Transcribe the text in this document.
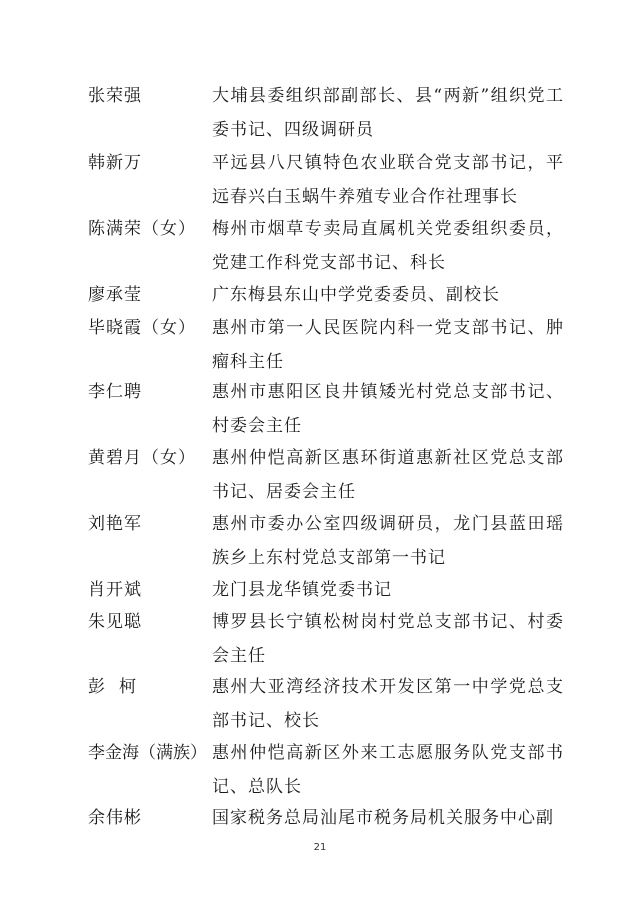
张荣强	大埔县委组织部副部长、县“两新”组织党工委书记、四级调研员
韩新万	平远县八尺镇特色农业联合党支部书记，平远春兴白玉蜗牛养殖专业合作社理事长
陈满荣（女） 梅州市烟草专卖局直属机关党委组织委员，党建工作科党支部书记、科长
廖承莹	广东梅县东山中学党委委员、副校长
毕晓霞（女） 惠州市第一人民医院内科一党支部书记、肿瘤科主任
李仁聘	惠州市惠阳区良井镇矮光村党总支部书记、村委会主任
黄碧月（女） 惠州仲恺高新区惠环街道惠新社区党总支部书记、居委会主任
刘艳军	惠州市委办公室四级调研员，龙门县蓝田瑶族乡上东村党总支部第一书记
肖开斌	龙门县龙华镇党委书记
朱见聪	博罗县长宁镇松树岗村党总支部书记、村委会主任
彭柯	惠州大亚湾经济技术开发区第一中学党总支部书记、校长
李金海（满族） 惠州仲恺高新区外来工志愿服务队党支部书记、总队长
余伟彬	国家税务总局汕尾市税务局机关服务中心副
21
